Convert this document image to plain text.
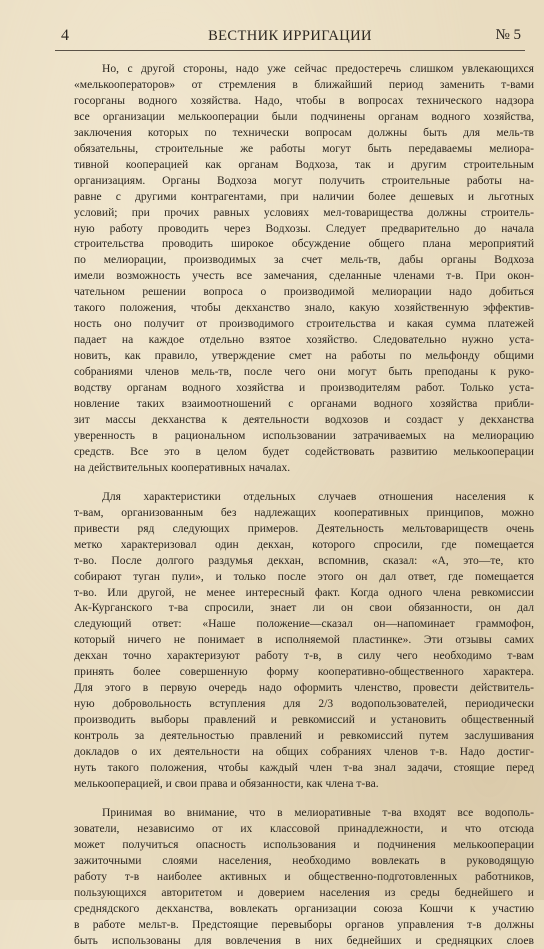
4	ВЕСТНИК ИРРИГАЦИИ	№ 5

Но, с другой стороны, надо уже сейчас предостеречь слишком увлекающихся
«мелькооператоров» от стремления в ближайший период заменить т-вами
госорганы водного хозяйства. Надо, чтобы в вопросах технического надзора
все организации мелькооперации были подчинены органам водного хозяйства,
заключения которых по технически вопросам должны быть для мель-тв
обязательны, строительные же работы могут быть передаваемы мелиора-
тивной кооперацией как органам Водхоза, так и другим строительным
организациям. Органы Водхоза могут получить строительные работы на-
равне с другими контрагентами, при наличии более дешевых и льготных
условий; при прочих равных условиях мел-товарищества должны строитель-
ную работу проводить через Водхозы. Следует предварительно до начала
строительства проводить широкое обсуждение общего плана мероприятий
по мелиорации, производимых за счет мель-тв, дабы органы Водхоза
имели возможность учесть все замечания, сделанные членами т-в. При окон-
чательном решении вопроса о производимой мелиорации надо добиться
такого положения, чтобы декханство знало, какую хозяйственную эффектив-
ность оно получит от производимого строительства и какая сумма платежей
падает на каждое отдельно взятое хозяйство. Следовательно нужно уста-
новить, как правило, утверждение смет на работы по мельфонду общими
собраниями членов мель-тв, после чего они могут быть преподаны к руко-
водству органам водного хозяйства и производителям работ. Только уста-
новление таких взаимоотношений с органами водного хозяйства прибли-
зит массы декханства к деятельности водхозов и создаст у декханства
уверенность в рациональном использовании затрачиваемых на мелиорацию
средств. Все это в целом будет содействовать развитию мелькооперации
на действительных кооперативных началах.

Для характеристики отдельных случаев отношения населения к
т-вам, организованным без надлежащих кооперативных принципов, можно
привести ряд следующих примеров. Деятельность мельтовариществ очень
метко характеризовал один декхан, которого спросили, где помещается
т-во. После долгого раздумья декхан, вспомнив, сказал: «А, это—те, кто
собирают туган пули», и только после этого он дал ответ, где помещается
т-во. Или другой, не менее интересный факт. Когда одного члена ревкомиссии
Ак-Курганского т-ва спросили, знает ли он свои обязанности, он дал
следующий ответ: «Наше положение—сказал он—напоминает граммофон,
который ничего не понимает в исполняемой пластинке». Эти отзывы самих
декхан точно характеризуют работу т-в, в силу чего необходимо т-вам
принять более совершенную форму кооперативно-общественного характера.
Для этого в первую очередь надо оформить членство, провести действитель-
ную добровольность вступления для 2/3 водопользователей, периодически
производить выборы правлений и ревкомиссий и установить общественный
контроль за деятельностью правлений и ревкомиссий путем заслушивания
докладов о их деятельности на общих собраниях членов т-в. Надо достиг-
нуть такого положения, чтобы каждый член т-ва знал задачи, стоящие перед
мелькооперацией, и свои права и обязанности, как члена т-ва.

Принимая во внимание, что в мелиоративные т-ва входят все водополь-
зователи, независимо от их классовой принадлежности, и что отсюда
может получиться опасность использования и подчинения мелькооперации
зажиточными слоями населения, необходимо вовлекать в руководящую
работу т-в наиболее активных и общественно-подготовленных работников,
пользующихся авторитетом и доверием населения из среды беднейшего и
среднядского декханства, вовлекать организации союза Кошчи к участию
в работе мельт-в. Предстоящие перевыборы органов управления т-в должны
быть использованы для вовлечения в них беднейших и средняцких слоев
